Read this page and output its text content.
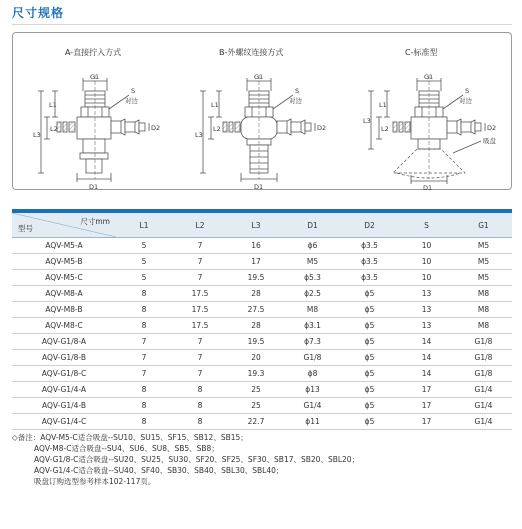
尺寸规格
G1
S
对边
L1
L2
L3
D1
D2
G1
S
对边
L1
L2
L3
D1
D2
G1
S
对边
L1
L2
L3
D1
D2
吸盘
A-直接拧入方式	B-外螺纹连接方式	C-标准型

尺寸mm
型号	L1	L2	L3	D1	D2	S	G1
AQV-M5-A	5	7	16	ϕ6	ϕ3.5	10	M5
AQV-M5-B	5	7	17	M5	ϕ3.5	10	M5
AQV-M5-C	5	7	19.5	ϕ5.3	ϕ3.5	10	M5
AQV-M8-A	8	17.5	28	ϕ2.5	ϕ5	13	M8
AQV-M8-B	8	17.5	27.5	M8	ϕ5	13	M8
AQV-M8-C	8	17.5	28	ϕ3.1	ϕ5	13	M8
AQV-G1/8-A	7	7	19.5	ϕ7.3	ϕ5	14	G1/8
AQV-G1/8-B	7	7	20	G1/8	ϕ5	14	G1/8
AQV-G1/8-C	7	7	19.3	ϕ8	ϕ5	14	G1/8
AQV-G1/4-A	8	8	25	ϕ13	ϕ5	17	G1/4
AQV-G1/4-B	8	8	25	G1/4	ϕ5	17	G1/4
AQV-G1/4-C	8	8	22.7	ϕ11	ϕ5	17	G1/4
◇备注：AQV-M5-C适合吸盘--SU10、SU15、SF15、SB12、SB15；
AQV-M8-C适合吸盘--SU4、SU6、SU8、SB5、SB8；
AQV-G1/8-C适合吸盘--SU20、SU25、SU30、SF20、SF25、SF30、SB17、SB20、SBL20；
AQV-G1/4-C适合吸盘--SU40、SF40、SB30、SB40、SBL30、SBL40；
吸盘订购选型参考样本102-117页。
